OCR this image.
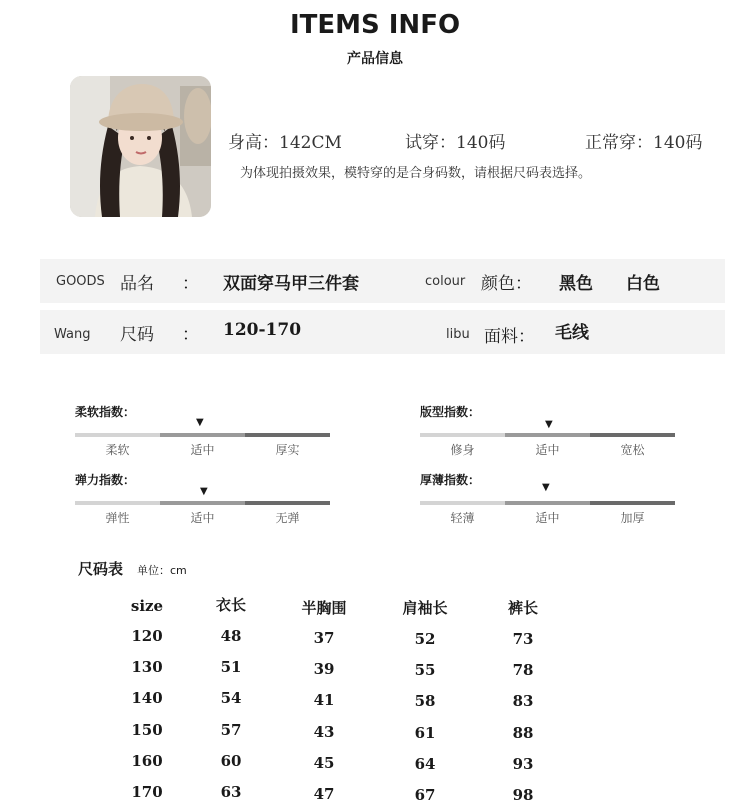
ITEMS INFO
产品信息
身高：142CM	试穿：140码	正常穿：140码
为体现拍摄效果，模特穿的是合身码数，请根据尺码表选择。
GOODS 品名 ： 双面穿马甲三件套	colour 颜色： 黑色 白色
Wang 尺码 ： 120-170	libu 面料： 毛线
柔软指数：
▼
柔软	适中	厚实
版型指数：
▼
修身	适中	宽松
弹力指数：
▼
弹性	适中	无弹
厚薄指数：
▼
轻薄	适中	加厚
尺码表 单位：cm
size	衣长	半胸围	肩袖长	裤长
120	48	37	52	73
130	51	39	55	78
140	54	41	58	83
150	57	43	61	88
160	60	45	64	93
170	63	47	67	98
